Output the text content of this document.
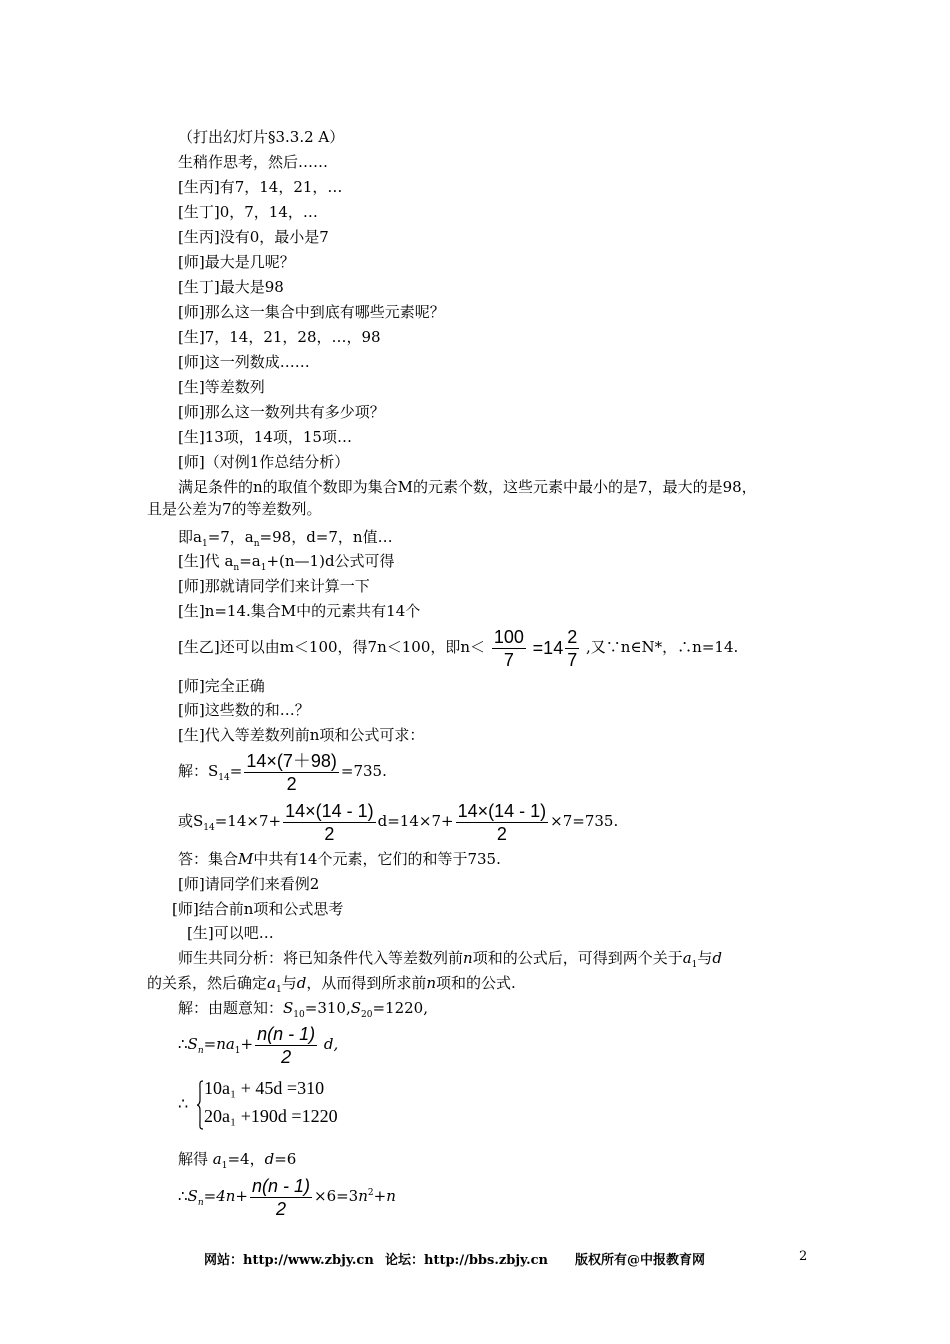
（打出幻灯片§3.3.2 A）
生稍作思考，然后……
[生丙]有7，14，21，…
[生丁]0，7，14，…
[生丙]没有0，最小是7
[师]最大是几呢？
[生丁]最大是98
[师]那么这一集合中到底有哪些元素呢？
[生]7，14，21，28，…，98
[师]这一列数成……
[生]等差数列
[师]那么这一数列共有多少项？
[生]13项，14项，15项…
[师]（对例1作总结分析）
满足条件的n的取值个数即为集合M的元素个数，这些元素中最小的是7，最大的是98，
且是公差为7的等差数列。
即$a_1=7$，$a_n=98$，d=7，n值…
[生]代 $a_n=a_1+(n—1)d$公式可得
[师]那就请同学们来计算一下
[生]n=14.集合M中的元素共有14个
[生乙]还可以由m＜100，得7n＜100，即$n< \frac{100}{7} =14 \frac{2}{7}$ ,又∵n∈N*，∴n=14.
[师]完全正确
[师]这些数的和…？
[生]代入等差数列前n项和公式可求：
解：$S_{14}= \frac{14\times(7+98)}{2} =735$.
或$S_{14}=14\times 7+ \frac{14\times(14 - 1)}{2} d=14\times 7+ \frac{14\times(14 - 1)}{2} \times 7=735$.
答：集合M中共有14个元素，它们的和等于735.
[师]请同学们来看例2
[师]结合前n项和公式思考
[生]可以吧…
师生共同分析：将已知条件代入等差数列前n项和的公式后，可得到两个关于$a_1$与d
的关系，然后确定$a_1$与d，从而得到所求前n项和的公式.
解：由题意知：$S_{10}=310,S_{20}=1220$,
$\therefore S_n=na_1+ \frac{n(n - 1)}{2} d$,
∴
10a₁ + 45d =310
20a₁ +190d =1220
解得 $a_1=4$，d=6
$\therefore S_n=4n+ \frac{n(n - 1)}{2} \times 6=3n^2+n$
网站：http://www.zbjy.cn 论坛：http://bbs.zbjy.cn 版权所有@中报教育网	2
